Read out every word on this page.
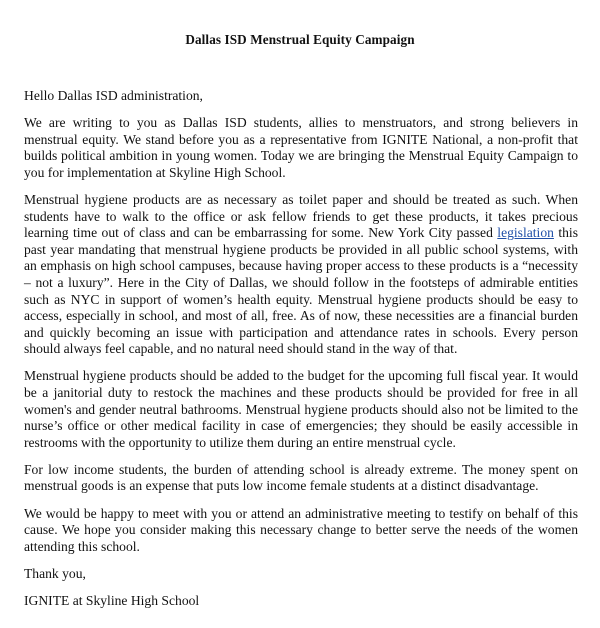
Dallas ISD Menstrual Equity Campaign

Hello Dallas ISD administration,

We are writing to you as Dallas ISD students, allies to menstruators, and strong believers in menstrual equity. We stand before you as a representative from IGNITE National, a non-profit that builds political ambition in young women. Today we are bringing the Menstrual Equity Campaign to you for implementation at Skyline High School.

Menstrual hygiene products are as necessary as toilet paper and should be treated as such. When students have to walk to the office or ask fellow friends to get these products, it takes precious learning time out of class and can be embarrassing for some. New York City passed legislation this past year mandating that menstrual hygiene products be provided in all public school systems, with an emphasis on high school campuses, because having proper access to these products is a “necessity – not a luxury”. Here in the City of Dallas, we should follow in the footsteps of admirable entities such as NYC in support of women’s health equity. Menstrual hygiene products should be easy to access, especially in school, and most of all, free. As of now, these necessities are a financial burden and quickly becoming an issue with participation and attendance rates in schools. Every person should always feel capable, and no natural need should stand in the way of that.

Menstrual hygiene products should be added to the budget for the upcoming full fiscal year. It would be a janitorial duty to restock the machines and these products should be provided for free in all women's and gender neutral bathrooms. Menstrual hygiene products should also not be limited to the nurse’s office or other medical facility in case of emergencies; they should be easily accessible in restrooms with the opportunity to utilize them during an entire menstrual cycle.

For low income students, the burden of attending school is already extreme. The money spent on menstrual goods is an expense that puts low income female students at a distinct disadvantage.

We would be happy to meet with you or attend an administrative meeting to testify on behalf of this cause. We hope you consider making this necessary change to better serve the needs of the women attending this school.

Thank you,

IGNITE at Skyline High School
